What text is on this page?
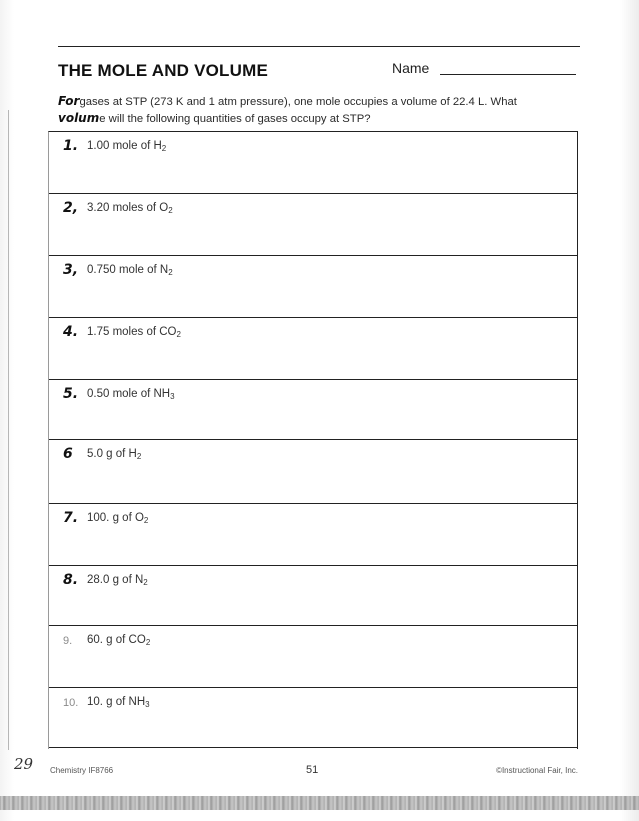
THE MOLE AND VOLUME	Name
Forgases at STP (273 K and 1 atm pressure), one mole occupies a volume of 22.4 L. What
volume will the following quantities of gases occupy at STP?
1. 1.00 mole of $H_2$
2, 3.20 moles of $O_2$
3, 0.750 mole of $N_2$
4. 1.75 moles of $CO_2$
5. 0.50 mole of $NH_3$
6 5.0 g of $H_2$
7. 100. g of $O_2$
8. 28.0 g of $N_2$
9. 60. g of $CO_2$
10. 10. g of $NH_3$
29 Chemistry IF8766	51	©Instructional Fair, Inc.
